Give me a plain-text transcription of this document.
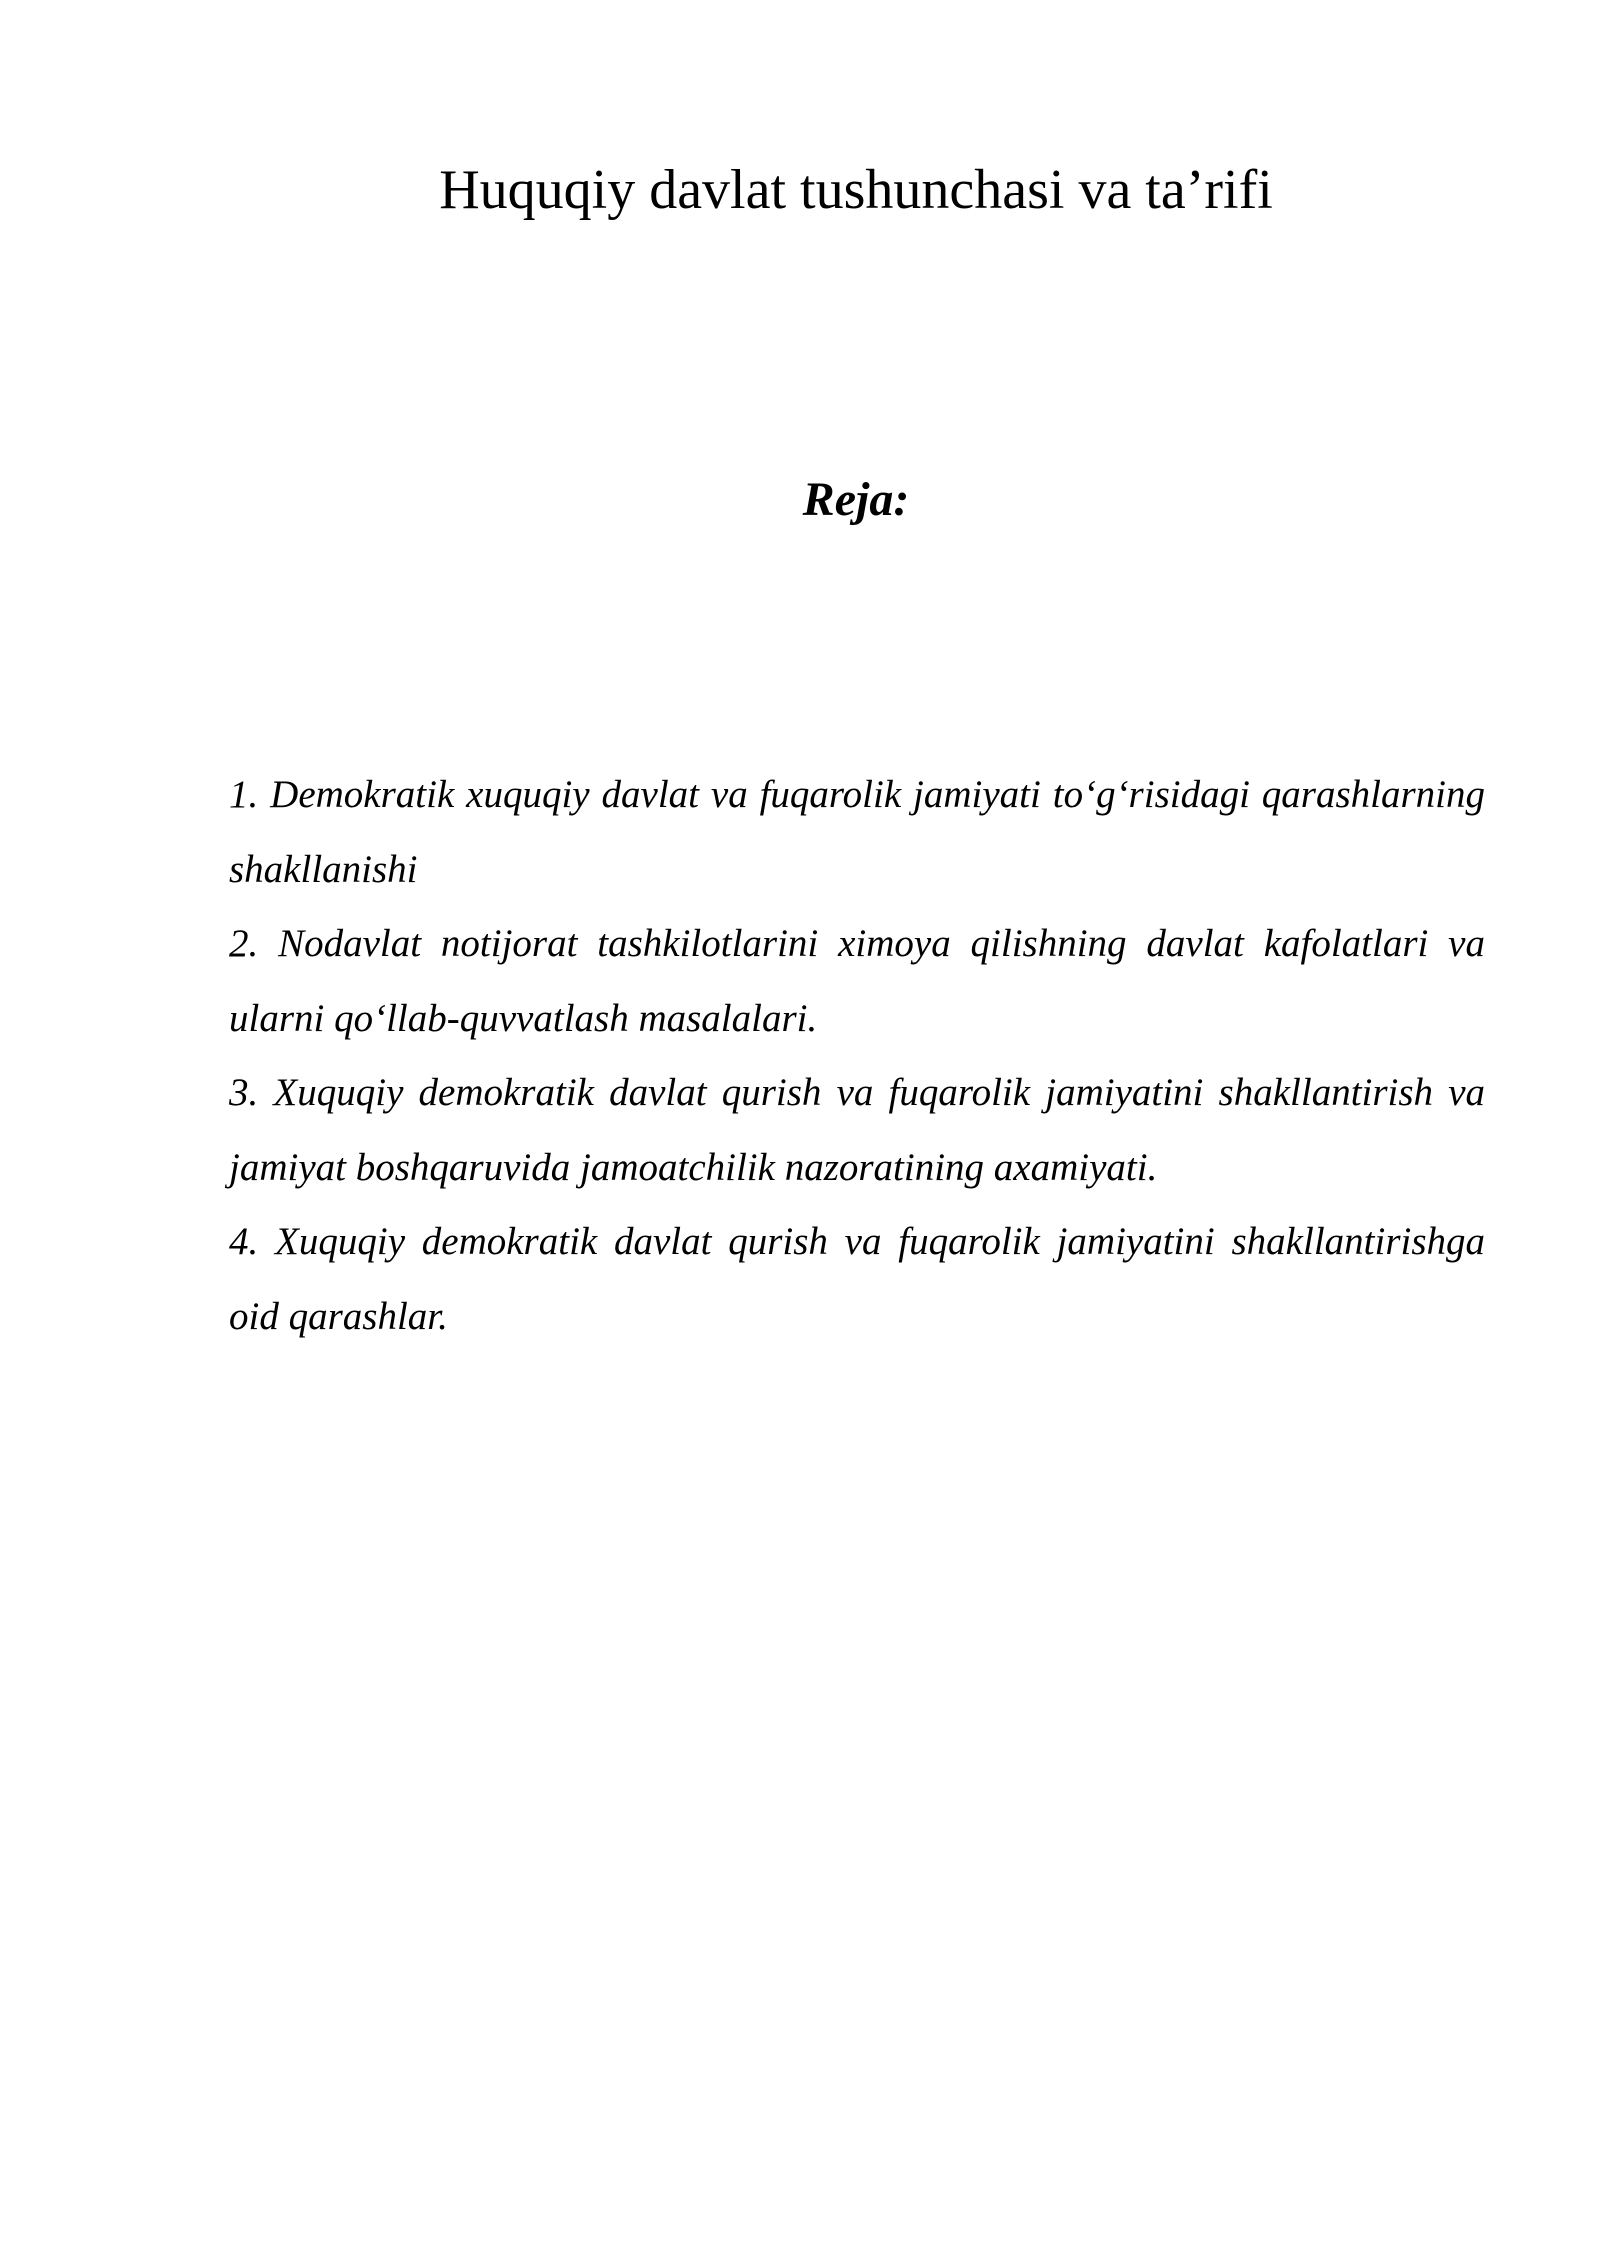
Huquqiy davlat tushunchasi va ta’rifi
Reja:
1. Demokratik xuquqiy davlat va fuqarolik jamiyati to‘g‘risidagi qarashlarning shakllanishi
2. Nodavlat notijorat tashkilotlarini ximoya qilishning davlat kafolatlari va ularni qo‘llab-quvvatlash masalalari.
3. Xuquqiy demokratik davlat qurish va fuqarolik jamiyatini shakllantirish va jamiyat boshqaruvida jamoatchilik nazoratining axamiyati.
4. Xuquqiy demokratik davlat qurish va fuqarolik jamiyatini shakllantirishga oid qarashlar.
